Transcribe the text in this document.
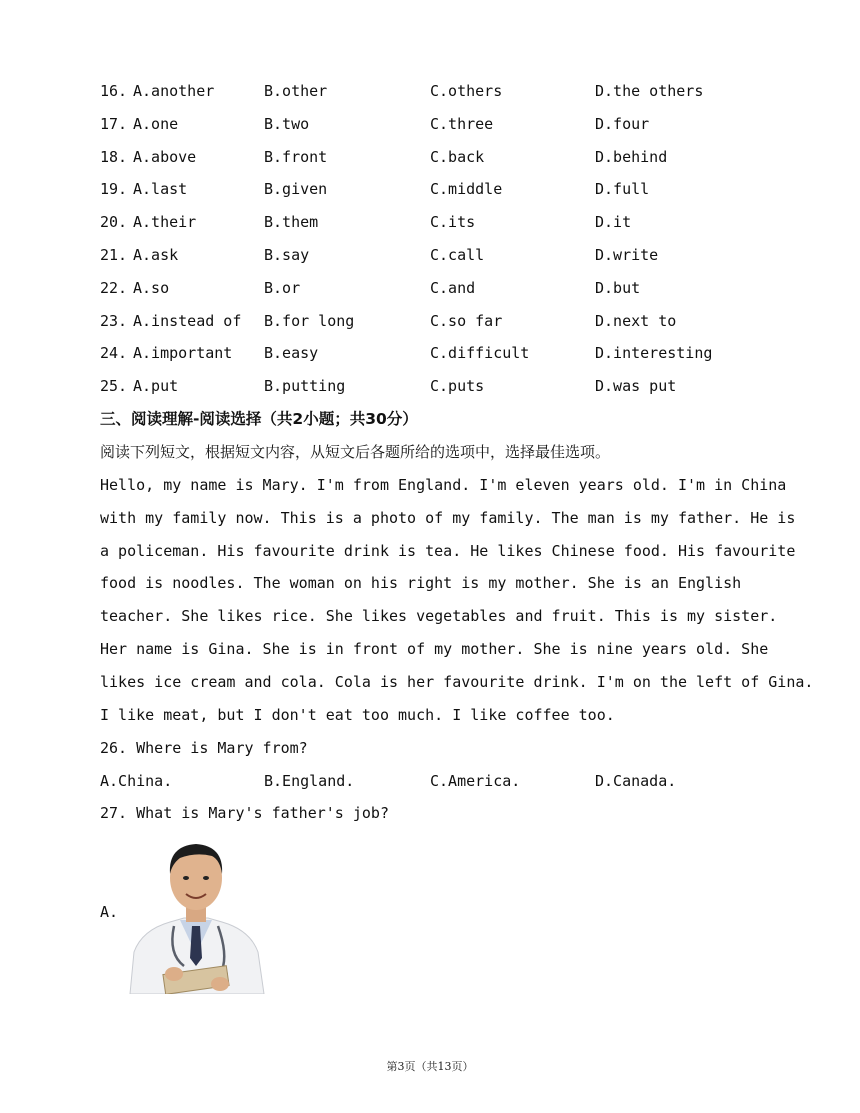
16. A.another	B.other	C.others	D.the others
17. A.one	B.two	C.three	D.four
18. A.above	B.front	C.back	D.behind
19. A.last	B.given	C.middle	D.full
20. A.their	B.them	C.its	D.it
21. A.ask	B.say	C.call	D.write
22. A.so	B.or	C.and	D.but
23. A.instead of B.for long	C.so far	D.next to
24. A.important B.easy	C.difficult	D.interesting
25. A.put	B.putting	C.puts	D.was put
三、阅读理解-阅读选择（共2小题；共30分）
阅读下列短文，根据短文内容，从短文后各题所给的选项中，选择最佳选项。
Hello, my name is Mary. I'm from England. I'm eleven years old. I'm in China
with my family now. This is a photo of my family. The man is my father. He is
a policeman. His favourite drink is tea. He likes Chinese food. His favourite
food is noodles. The woman on his right is my mother. She is an English
teacher. She likes rice. She likes vegetables and fruit. This is my sister.
Her name is Gina. She is in front of my mother. She is nine years old. She
likes ice cream and cola. Cola is her favourite drink. I'm on the left of Gina.
I like meat, but I don't eat too much. I like coffee too.
26. Where is Mary from?
A.China.	B.England.	C.America.	D.Canada.
27. What is Mary's father's job?
A.
第3页（共13页）
